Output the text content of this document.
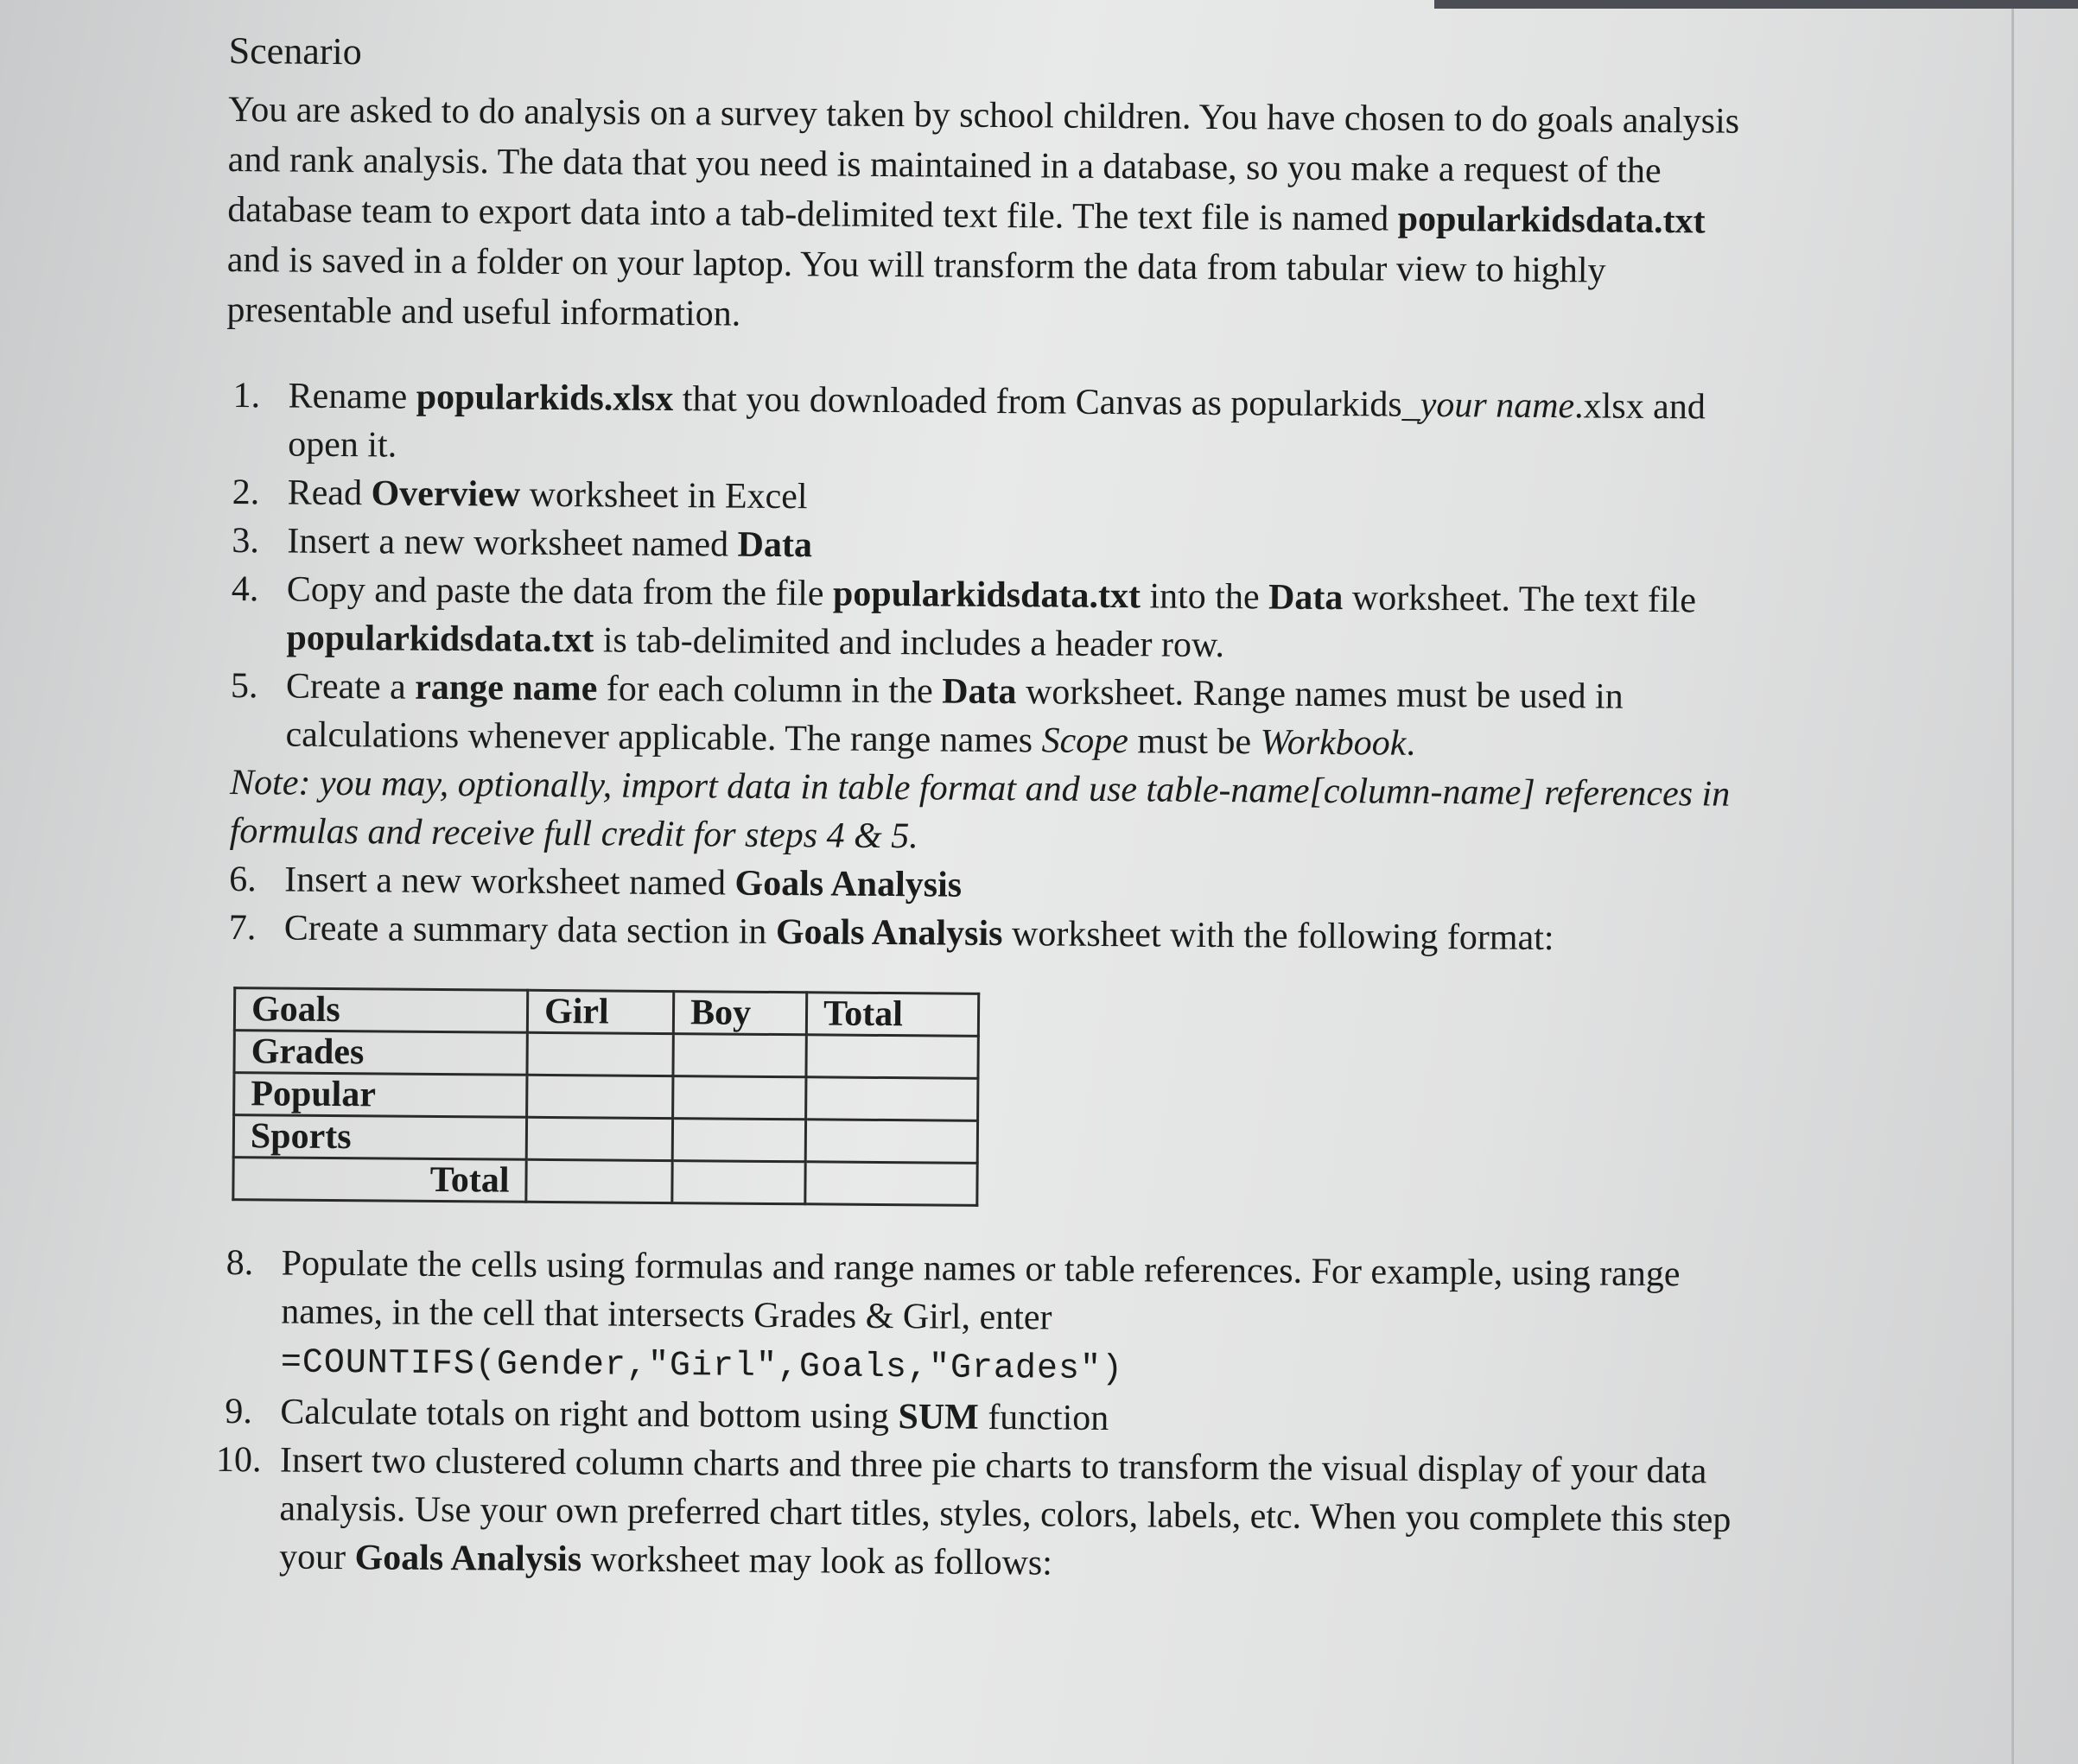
Scenario

You are asked to do analysis on a survey taken by school children. You have chosen to do goals analysis and rank analysis. The data that you need is maintained in a database, so you make a request of the database team to export data into a tab-delimited text file. The text file is named popularkidsdata.txt and is saved in a folder on your laptop. You will transform the data from tabular view to highly presentable and useful information.

1. Rename popularkids.xlsx that you downloaded from Canvas as popularkids_your name.xlsx and open it.
2. Read Overview worksheet in Excel
3. Insert a new worksheet named Data
4. Copy and paste the data from the file popularkidsdata.txt into the Data worksheet. The text file popularkidsdata.txt is tab-delimited and includes a header row.
5. Create a range name for each column in the Data worksheet. Range names must be used in calculations whenever applicable. The range names Scope must be Workbook.

Note: you may, optionally, import data in table format and use table-name[column-name] references in formulas and receive full credit for steps 4 & 5.

6. Insert a new worksheet named Goals Analysis
7. Create a summary data section in Goals Analysis worksheet with the following format:
Goals	Girl	Boy	Total
Grades			
Popular			
Sports			
Total			
8. Populate the cells using formulas and range names or table references. For example, using range names, in the cell that intersects Grades & Girl, enter
=COUNTIFS(Gender,"Girl",Goals,"Grades")
9. Calculate totals on right and bottom using SUM function
10. Insert two clustered column charts and three pie charts to transform the visual display of your data analysis. Use your own preferred chart titles, styles, colors, labels, etc. When you complete this step your Goals Analysis worksheet may look as follows:
